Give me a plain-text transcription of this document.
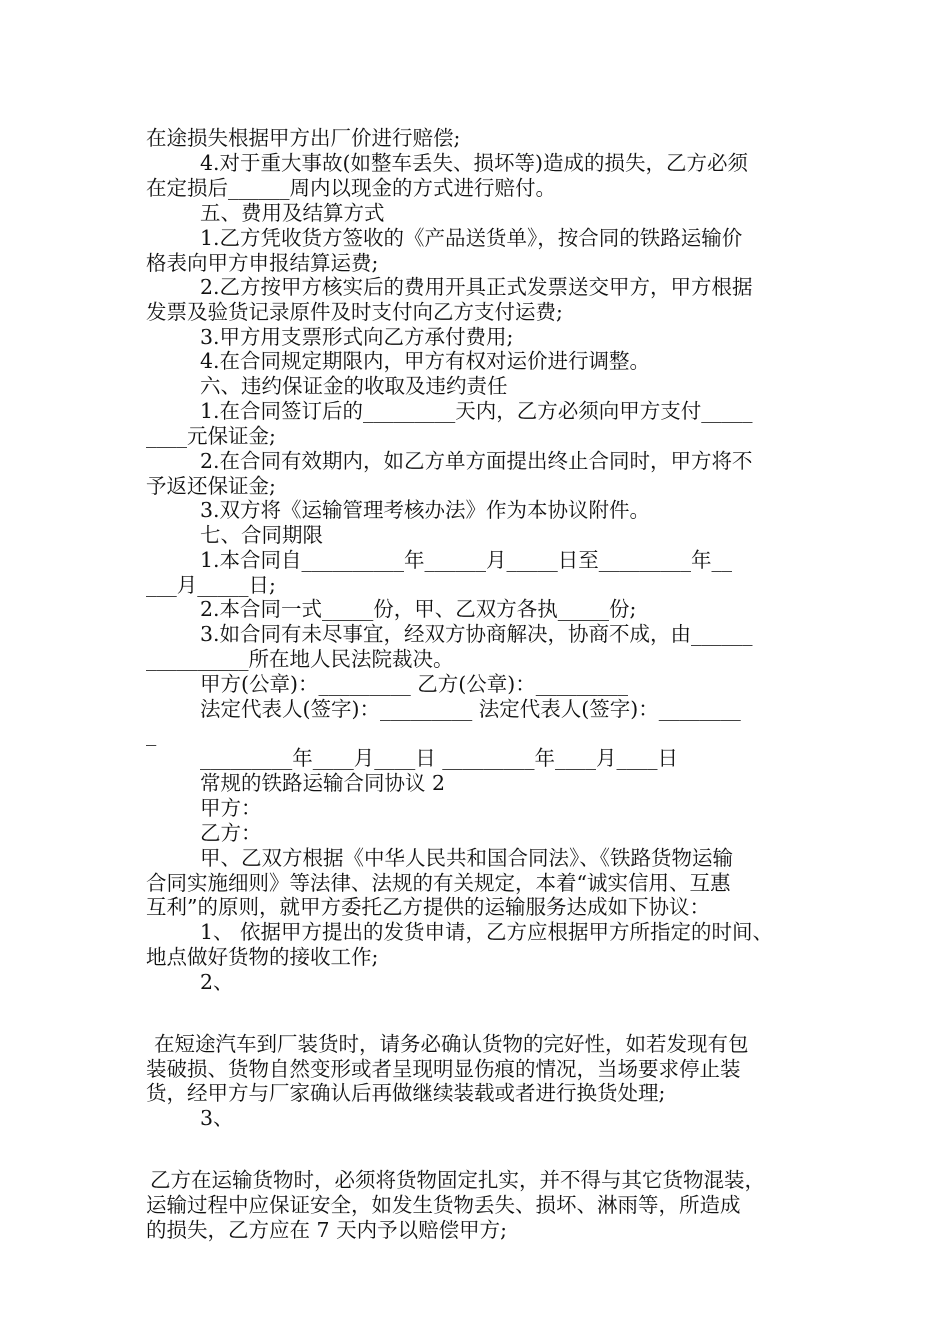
在途损失根据甲方出厂价进行赔偿;
4.对于重大事故(如整车丢失、损坏等)造成的损失，乙方必须
在定损后______周内以现金的方式进行赔付。
五、费用及结算方式
1.乙方凭收货方签收的《产品送货单》，按合同的铁路运输价
格表向甲方申报结算运费;
2.乙方按甲方核实后的费用开具正式发票送交甲方，甲方根据
发票及验货记录原件及时支付向乙方支付运费;
3.甲方用支票形式向乙方承付费用;
4.在合同规定期限内，甲方有权对运价进行调整。
六、违约保证金的收取及违约责任
1.在合同签订后的_________天内，乙方必须向甲方支付_____
____元保证金;
2.在合同有效期内，如乙方单方面提出终止合同时，甲方将不
予返还保证金;
3.双方将《运输管理考核办法》作为本协议附件。
七、合同期限
1.本合同自__________年______月_____日至_________年__
___月_____日;
2.本合同一式_____份，甲、乙双方各执_____份;
3.如合同有未尽事宜，经双方协商解决，协商不成，由______
__________所在地人民法院裁决。
甲方(公章)：_________ 乙方(公章)：_________
法定代表人(签字)：_________ 法定代表人(签字)：________
_
_________年____月____日 _________年____月____日
常规的铁路运输合同协议 2
甲方：
乙方：
甲、乙双方根据《中华人民共和国合同法》、《铁路货物运输
合同实施细则》等法律、法规的有关规定，本着“诚实信用、互惠
互利”的原则，就甲方委托乙方提供的运输服务达成如下协议：
1、 依据甲方提出的发货申请，乙方应根据甲方所指定的时间、
地点做好货物的接收工作;
2、
在短途汽车到厂装货时，请务必确认货物的完好性，如若发现有包
装破损、货物自然变形或者呈现明显伤痕的情况，当场要求停止装
货，经甲方与厂家确认后再做继续装载或者进行换货处理;
3、
乙方在运输货物时，必须将货物固定扎实，并不得与其它货物混装，
运输过程中应保证安全，如发生货物丢失、损坏、淋雨等，所造成
的损失，乙方应在 7 天内予以赔偿甲方;
